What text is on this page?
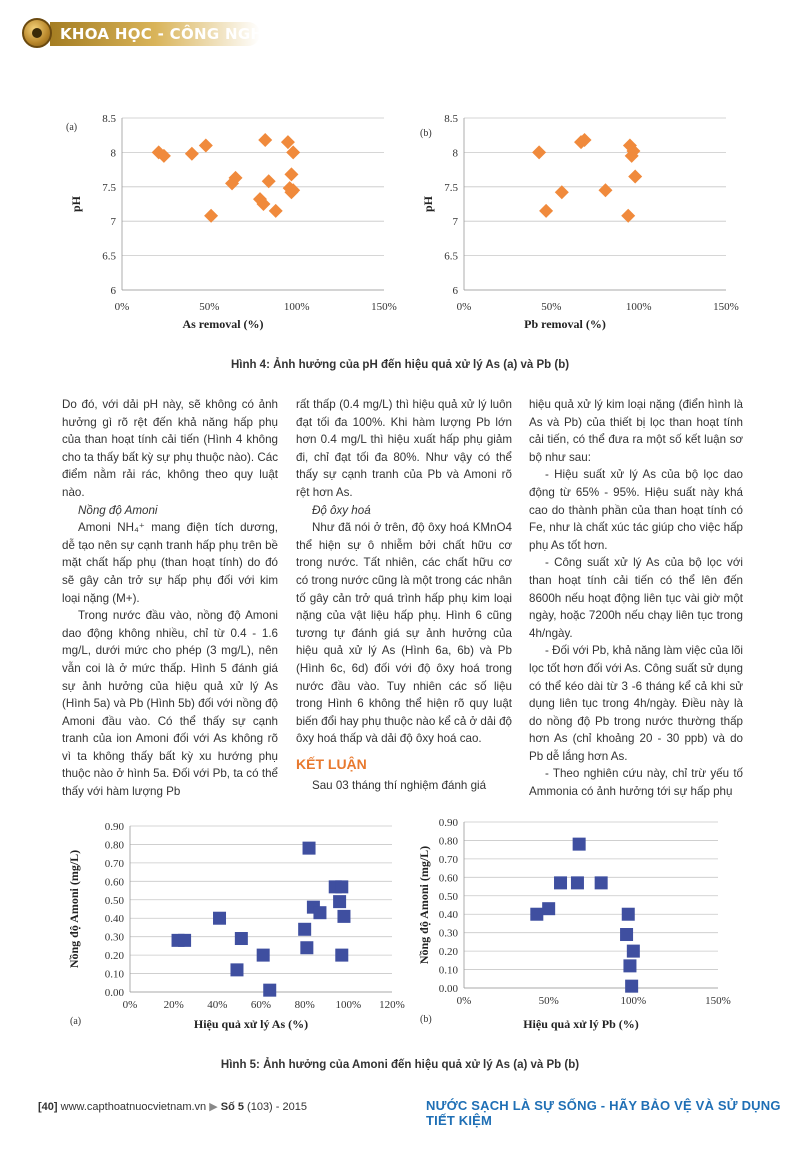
KHOA HỌC - CÔNG NGHỆ
6
6.5
7
7.5
8
8.5
0%	50%	100%	150%
As removal (%)
pH
(a)
6
6.5
7
7.5
8
8.5
0%	50%	100%	150%
Pb removal (%)
pH
(b)
Hình 4: Ảnh hưởng của pH đến hiệu quả xử lý As (a) và Pb (b)

Do đó, với dải pH này, sẽ không có ảnh hưởng gì rõ rệt đến khả năng hấp phụ của than hoạt tính cải tiến (Hình 4 không cho ta thấy bất kỳ sự phụ thuộc nào). Các điểm nằm rải rác, không theo quy luật nào.

Nồng độ Amoni

Amoni NH₄⁺ mang điện tích dương, dễ tạo nên sự cạnh tranh hấp phụ trên bề mặt chất hấp phụ (than hoạt tính) do đó sẽ gây cản trở sự hấp phụ đối với kim loại nặng (M+).

Trong nước đầu vào, nồng độ Amoni dao động không nhiều, chỉ từ 0.4 - 1.6 mg/L, dưới mức cho phép (3 mg/L), nên vẫn coi là ở mức thấp. Hình 5 đánh giá sự ảnh hưởng của hiệu quả xử lý As (Hình 5a) và Pb (Hình 5b) đối với nồng độ Amoni đầu vào. Có thể thấy sự cạnh tranh của ion Amoni đối với As không rõ vì ta không thấy bất kỳ xu hướng phụ thuộc nào ở hình 5a. Đối với Pb, ta có thể thấy với hàm lượng Pb

rất thấp (0.4 mg/L) thì hiệu quả xử lý luôn đạt tối đa 100%. Khi hàm lượng Pb lớn hơn 0.4 mg/L thì hiệu xuất hấp phụ giảm đi, chỉ đạt tối đa 80%. Như vậy có thể thấy sự cạnh tranh của Pb và Amoni rõ rệt hơn As.

Độ ôxy hoá

Như đã nói ở trên, độ ôxy hoá KMnO4 thể hiện sự ô nhiễm bởi chất hữu cơ trong nước. Tất nhiên, các chất hữu cơ có trong nước cũng là một trong các nhân tố gây cản trở quá trình hấp phụ kim loại nặng của vật liệu hấp phụ. Hình 6 cũng tương tự đánh giá sự ảnh hưởng của hiệu quả xử lý As (Hình 6a, 6b) và Pb (Hình 6c, 6d) đối với độ ôxy hoá trong nước đầu vào. Tuy nhiên các số liệu trong Hình 6 không thể hiện rõ quy luật biến đổi hay phụ thuộc nào kể cả ở dải độ ôxy hoá thấp và dải độ ôxy hoá cao.

KẾT LUẬN

Sau 03 tháng thí nghiệm đánh giá

hiệu quả xử lý kim loại nặng (điển hình là As và Pb) của thiết bị lọc than hoạt tính cải tiến, có thể đưa ra một số kết luận sơ bộ như sau:

- Hiệu suất xử lý As của bộ lọc dao động từ 65% - 95%. Hiệu suất này khá cao do thành phần của than hoạt tính có Fe, như là chất xúc tác giúp cho việc hấp phụ As tốt hơn.

- Công suất xử lý As của bộ lọc với than hoạt tính cải tiến có thể lên đến 8600h nếu hoạt động liên tục vài giờ một ngày, hoặc 7200h nếu chạy liên tục trong 4h/ngày.

- Đối với Pb, khả năng làm việc của lõi lọc tốt hơn đối với As. Công suất sử dụng có thể kéo dài từ 3 -6 tháng kể cả khi sử dụng liên tục trong 4h/ngày. Điều này là do nồng độ Pb trong nước thường thấp hơn As (chỉ khoảng 20 - 30 ppb) và do Pb dễ lắng hơn As.

- Theo nghiên cứu này, chỉ trừ yếu tố Ammonia có ảnh hưởng tới sự hấp phụ

0.00
0.10
0.20
0.30
0.40
0.50
0.60
0.70
0.80
0.90
0% 20% 40% 60% 80% 100% 120%
Hiệu quả xử lý As (%)
Nồng độ Amoni (mg/L)
(a)
0.00
0.10
0.20
0.30
0.40
0.50
0.60
0.70
0.80
0.90
0%	50%	100%	150%
Hiệu quả xử lý Pb (%)
Nồng độ Amoni (mg/L)
(b)
Hình 5: Ảnh hưởng của Amoni đến hiệu quả xử lý As (a) và Pb (b)
[40] www.capthoatnuocvietnam.vn ▶ Số 5 (103) - 2015	NƯỚC SẠCH LÀ SỰ SỐNG - HÃY BẢO VỆ VÀ SỬ DỤNG TIẾT KIỆM
